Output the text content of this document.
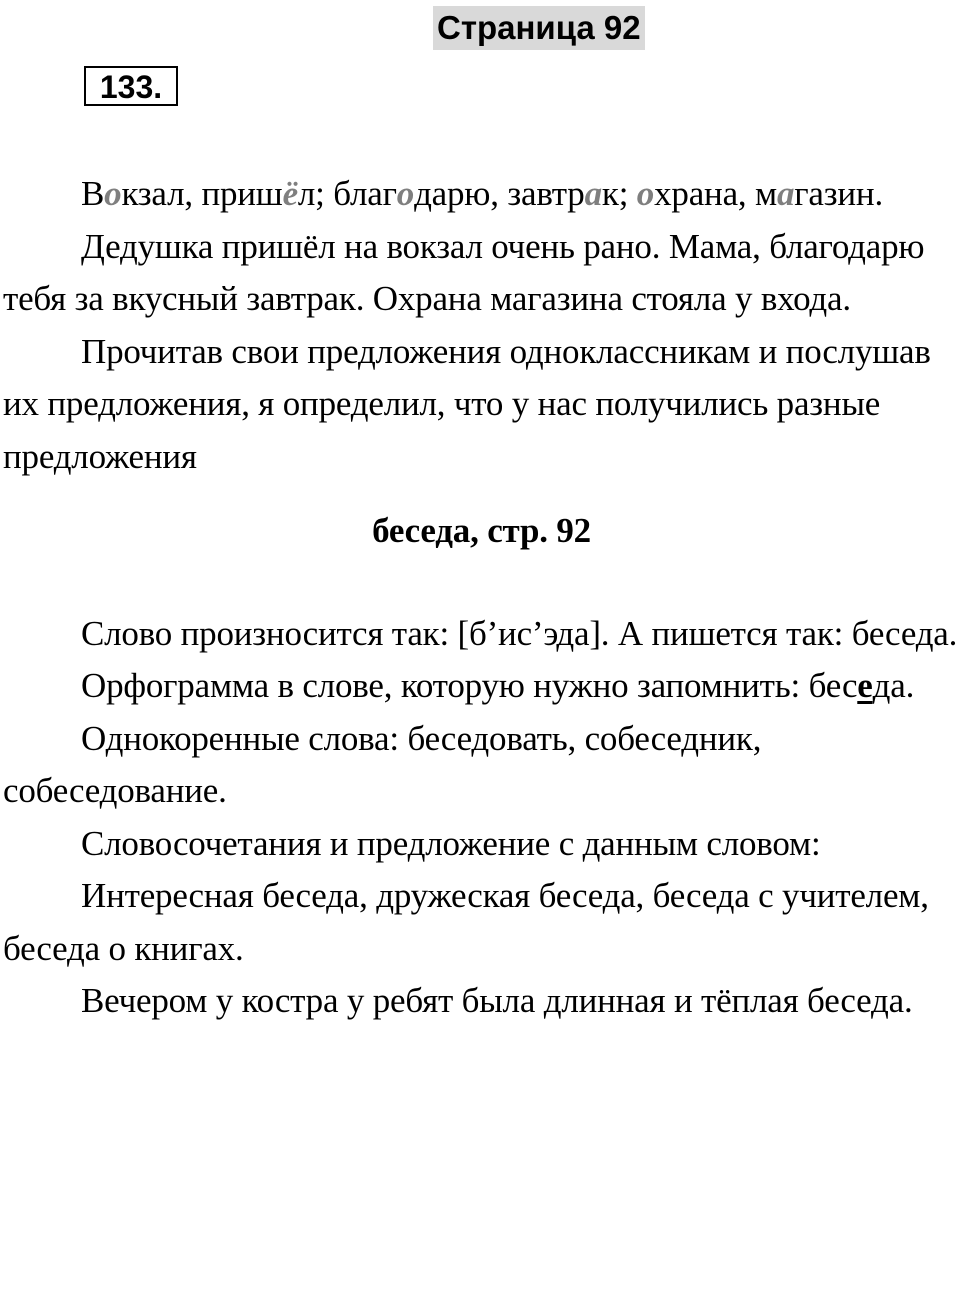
Страница 92
133.

Вокзал, пришёл; благодарю, завтрак; охрана, магазин.

Дедушка пришёл на вокзал очень рано. Мама, благодарю тебя за вкусный завтрак. Охрана магазина стояла у входа.

Прочитав свои предложения одноклассникам и послушав их предложения, я определил, что у нас получились разные предложения

беседа, стр. 92

Слово произносится так: [б’ис’эда]. А пишется так: беседа.

Орфограмма в слове, которую нужно запомнить: беседа.

Однокоренные слова: беседовать, собеседник, собеседование.

Словосочетания и предложение с данным словом:

Интересная беседа, дружеская беседа, беседа с учителем, беседа о книгах.

Вечером у костра у ребят была длинная и тёплая беседа.
